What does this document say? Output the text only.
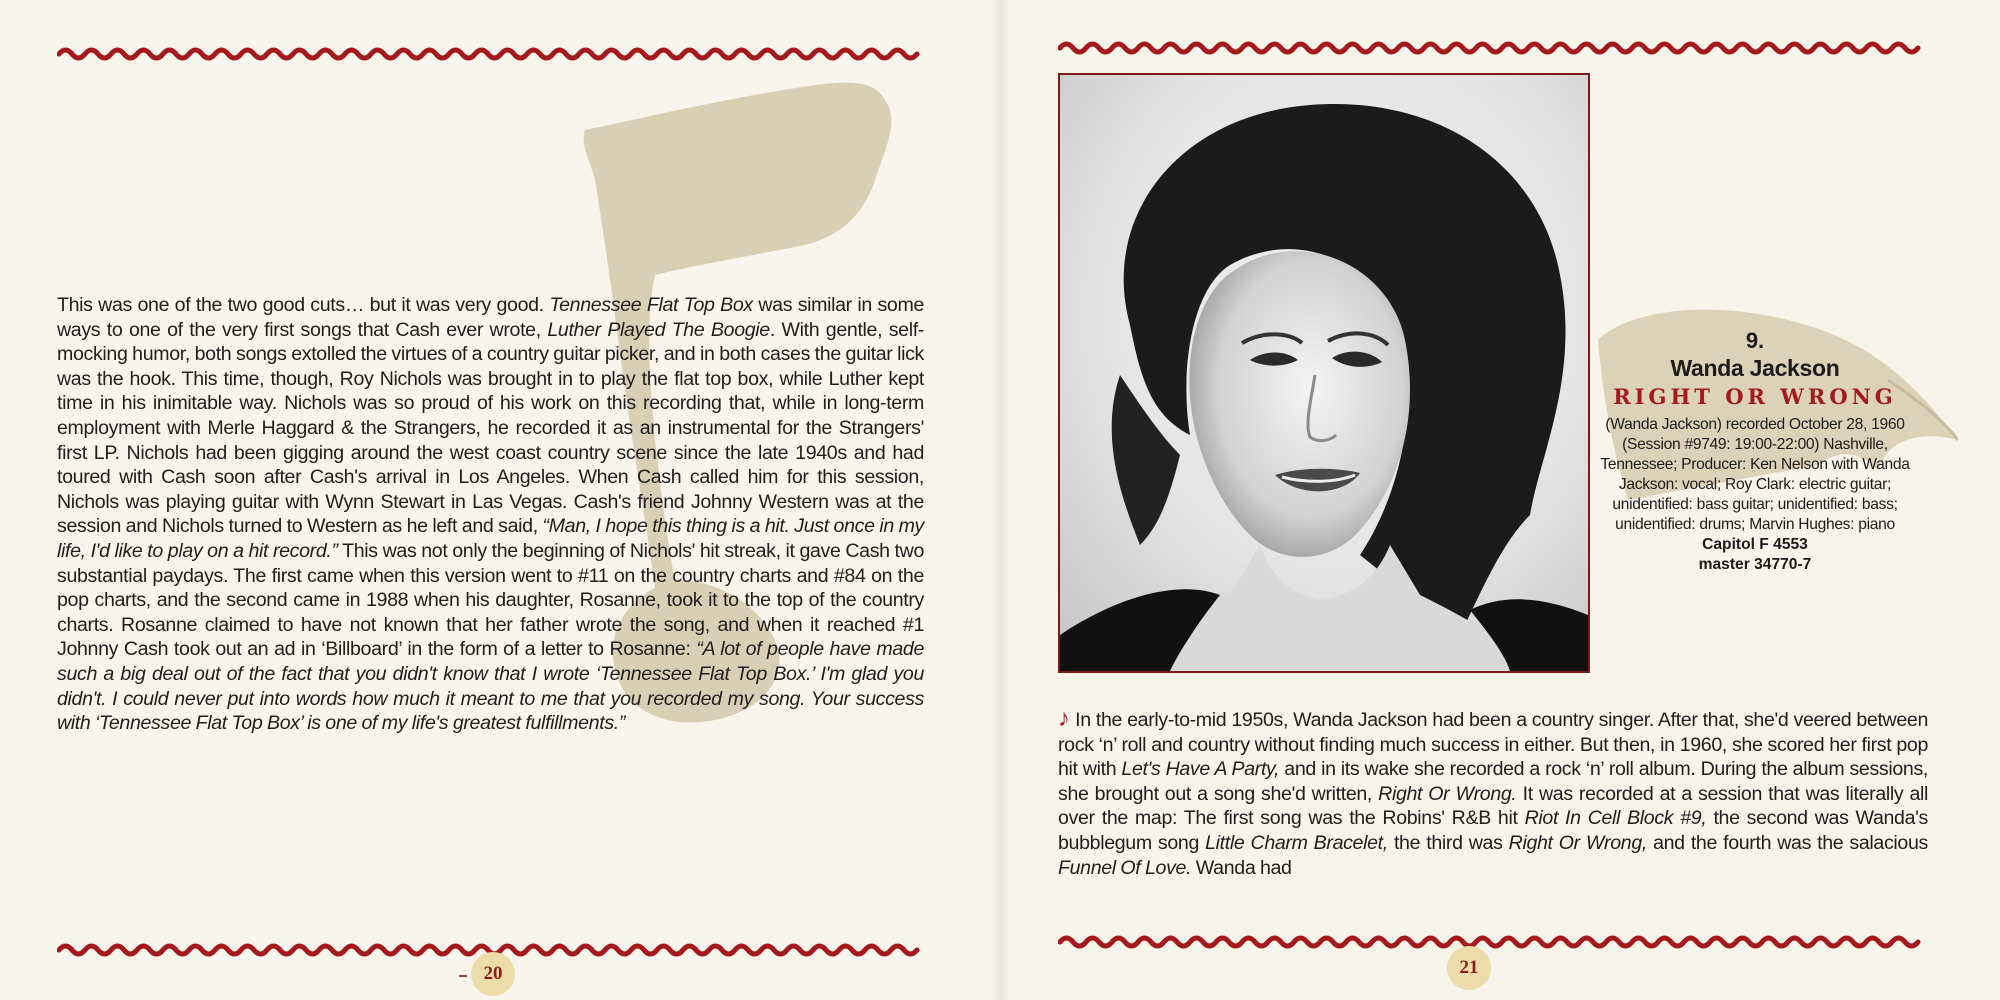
This was one of the two good cuts… but it was very good. Tennessee Flat Top Box was similar in some ways to one of the very first songs that Cash ever wrote, Luther Played The Boogie. With gentle, self-mocking humor, both songs extolled the virtues of a country guitar picker, and in both cases the guitar lick was the hook. This time, though, Roy Nichols was brought in to play the flat top box, while Luther kept time in his inimitable way. Nichols was so proud of his work on this recording that, while in long-term employment with Merle Haggard & the Strangers, he recorded it as an instrumental for the Strangers' first LP. Nichols had been gigging around the west coast country scene since the late 1940s and had toured with Cash soon after Cash's arrival in Los Angeles. When Cash called him for this session, Nichols was playing guitar with Wynn Stewart in Las Vegas. Cash's friend Johnny Western was at the session and Nichols turned to Western as he left and said, “Man, I hope this thing is a hit. Just once in my life, I'd like to play on a hit record.” This was not only the beginning of Nichols' hit streak, it gave Cash two substantial paydays. The first came when this version went to #11 on the country charts and #84 on the pop charts, and the second came in 1988 when his daughter, Rosanne, took it to the top of the country charts. Rosanne claimed to have not known that her father wrote the song, and when it reached #1 Johnny Cash took out an ad in ‘Billboard’ in the form of a letter to Rosanne: “A lot of people have made such a big deal out of the fact that you didn't know that I wrote ‘Tennessee Flat Top Box.’ I'm glad you didn't. I could never put into words how much it meant to me that you recorded my song. Your success with ‘Tennessee Flat Top Box’ is one of my life's greatest fulfillments.”

20
9.
Wanda Jackson
RIGHT OR WRONG
(Wanda Jackson) recorded October 28, 1960 (Session #9749: 19:00-22:00) Nashville, Tennessee; Producer: Ken Nelson with Wanda Jackson: vocal; Roy Clark: electric guitar; unidentified: bass guitar; unidentified: bass; unidentified: drums; Marvin Hughes: piano
Capitol F 4553
master 34770-7

♪ In the early-to-mid 1950s, Wanda Jackson had been a country singer. After that, she'd veered between rock ‘n’ roll and country without finding much success in either. But then, in 1960, she scored her first pop hit with Let's Have A Party, and in its wake she recorded a rock ‘n’ roll album. During the album sessions, she brought out a song she'd written, Right Or Wrong. It was recorded at a session that was literally all over the map: The first song was the Robins' R&B hit Riot In Cell Block #9, the second was Wanda's bubblegum song Little Charm Bracelet, the third was Right Or Wrong, and the fourth was the salacious Funnel Of Love. Wanda had

21
